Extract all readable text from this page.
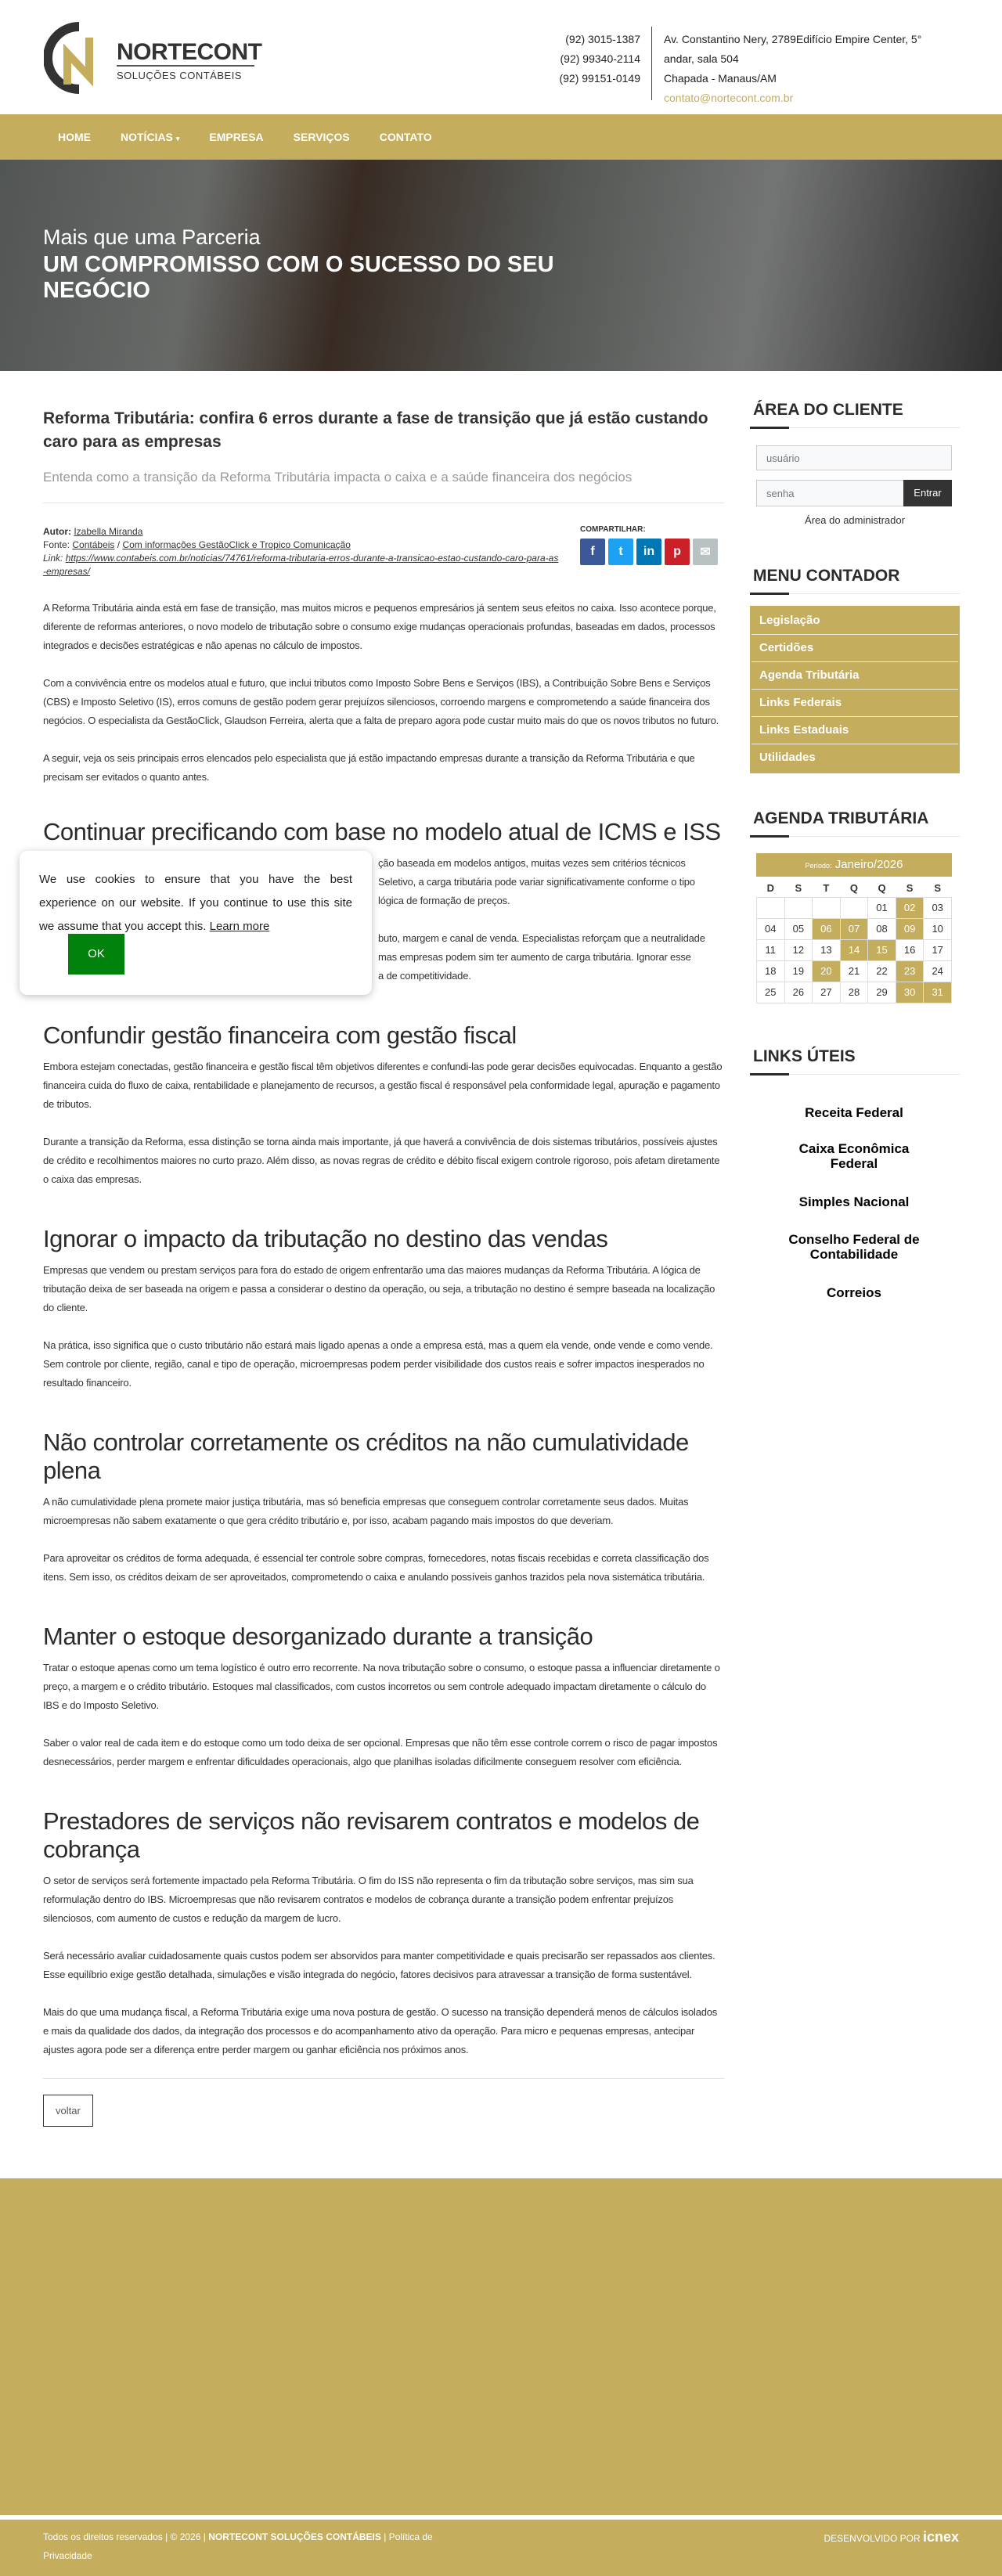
NORTECONT
SOLUÇÕES CONTÁBEIS
(92) 3015-1387
(92) 99340-2114
(92) 99151-0149
Av. Constantino Nery, 2789Edifício Empire Center, 5° andar, sala 504
Chapada - Manaus/AM
contato@nortecont.com.br
HOME	NOTÍCIAS ▾	EMPRESA	SERVIÇOS	CONTATO
Mais que uma Parceria
UM COMPROMISSO COM O SUCESSO DO SEU NEGÓCIO
Reforma Tributária: confira 6 erros durante a fase de transição que já estão custando caro para as empresas
Entenda como a transição da Reforma Tributária impacta o caixa e a saúde financeira dos negócios
Autor: Izabella Miranda
Fonte: Contábeis / Com informações GestãoClick e Tropico Comunicação
Link: https://www.contabeis.com.br/noticias/74761/reforma-tributaria-erros-durante-a-transicao-estao-custando-caro-para-as-empresas/
COMPARTILHAR:
f	t	in	p	✉

A Reforma Tributária ainda está em fase de transição, mas muitos micros e pequenos empresários já sentem seus efeitos no caixa. Isso acontece porque, diferente de reformas anteriores, o novo modelo de tributação sobre o consumo exige mudanças operacionais profundas, baseadas em dados, processos integrados e decisões estratégicas e não apenas no cálculo de impostos.

Com a convivência entre os modelos atual e futuro, que inclui tributos como Imposto Sobre Bens e Serviços (IBS), a Contribuição Sobre Bens e Serviços (CBS) e Imposto Seletivo (IS), erros comuns de gestão podem gerar prejuízos silenciosos, corroendo margens e comprometendo a saúde financeira dos negócios. O especialista da GestãoClick, Glaudson Ferreira, alerta que a falta de preparo agora pode custar muito mais do que os novos tributos no futuro.

A seguir, veja os seis principais erros elencados pelo especialista que já estão impactando empresas durante a transição da Reforma Tributária e que precisam ser evitados o quanto antes.

Continuar precificando com base no modelo atual de ICMS e ISS

We use cookies to ensure that you have the best experience on our website. If you continue to use this site we assume that you accept this. Learn more

OK
ção baseada em modelos antigos, muitas vezes sem critérios técnicos
Seletivo, a carga tributária pode variar significativamente conforme o tipo
lógica de formação de preços.
buto, margem e canal de venda. Especialistas reforçam que a neutralidade
mas empresas podem sim ter aumento de carga tributária. Ignorar esse
a de competitividade.
Confundir gestão financeira com gestão fiscal

Embora estejam conectadas, gestão financeira e gestão fiscal têm objetivos diferentes e confundi-las pode gerar decisões equivocadas. Enquanto a gestão financeira cuida do fluxo de caixa, rentabilidade e planejamento de recursos, a gestão fiscal é responsável pela conformidade legal, apuração e pagamento de tributos.

Durante a transição da Reforma, essa distinção se torna ainda mais importante, já que haverá a convivência de dois sistemas tributários, possíveis ajustes de crédito e recolhimentos maiores no curto prazo. Além disso, as novas regras de crédito e débito fiscal exigem controle rigoroso, pois afetam diretamente o caixa das empresas.

Ignorar o impacto da tributação no destino das vendas

Empresas que vendem ou prestam serviços para fora do estado de origem enfrentarão uma das maiores mudanças da Reforma Tributária. A lógica de tributação deixa de ser baseada na origem e passa a considerar o destino da operação, ou seja, a tributação no destino é sempre baseada na localização do cliente.

Na prática, isso significa que o custo tributário não estará mais ligado apenas a onde a empresa está, mas a quem ela vende, onde vende e como vende. Sem controle por cliente, região, canal e tipo de operação, microempresas podem perder visibilidade dos custos reais e sofrer impactos inesperados no resultado financeiro.

Não controlar corretamente os créditos na não cumulatividade plena

A não cumulatividade plena promete maior justiça tributária, mas só beneficia empresas que conseguem controlar corretamente seus dados. Muitas microempresas não sabem exatamente o que gera crédito tributário e, por isso, acabam pagando mais impostos do que deveriam.

Para aproveitar os créditos de forma adequada, é essencial ter controle sobre compras, fornecedores, notas fiscais recebidas e correta classificação dos itens. Sem isso, os créditos deixam de ser aproveitados, comprometendo o caixa e anulando possíveis ganhos trazidos pela nova sistemática tributária.

Manter o estoque desorganizado durante a transição

Tratar o estoque apenas como um tema logístico é outro erro recorrente. Na nova tributação sobre o consumo, o estoque passa a influenciar diretamente o preço, a margem e o crédito tributário. Estoques mal classificados, com custos incorretos ou sem controle adequado impactam diretamente o cálculo do IBS e do Imposto Seletivo.

Saber o valor real de cada item e do estoque como um todo deixa de ser opcional. Empresas que não têm esse controle correm o risco de pagar impostos desnecessários, perder margem e enfrentar dificuldades operacionais, algo que planilhas isoladas dificilmente conseguem resolver com eficiência.

Prestadores de serviços não revisarem contratos e modelos de cobrança

O setor de serviços será fortemente impactado pela Reforma Tributária. O fim do ISS não representa o fim da tributação sobre serviços, mas sim sua reformulação dentro do IBS. Microempresas que não revisarem contratos e modelos de cobrança durante a transição podem enfrentar prejuízos silenciosos, com aumento de custos e redução da margem de lucro.

Será necessário avaliar cuidadosamente quais custos podem ser absorvidos para manter competitividade e quais precisarão ser repassados aos clientes. Esse equilíbrio exige gestão detalhada, simulações e visão integrada do negócio, fatores decisivos para atravessar a transição de forma sustentável.

Mais do que uma mudança fiscal, a Reforma Tributária exige uma nova postura de gestão. O sucesso na transição dependerá menos de cálculos isolados e mais da qualidade dos dados, da integração dos processos e do acompanhamento ativo da operação. Para micro e pequenas empresas, antecipar ajustes agora pode ser a diferença entre perder margem ou ganhar eficiência nos próximos anos.

voltar
ÁREA DO CLIENTE
usuário
Entrar
Área do administrador
MENU CONTADOR
Legislação
Certidões
Agenda Tributária
Links Federais
Links Estaduais
Utilidades
AGENDA TRIBUTÁRIA
Período: Janeiro/2026
D	S	T	Q	Q	S	S
				01	02	03
04	05	06	07	08	09	10
11	12	13	14	15	16	17
18	19	20	21	22	23	24
25	26	27	28	29	30	31
LINKS ÚTEIS
Receita Federal
Caixa Econômica Federal
Simples Nacional
Conselho Federal de Contabilidade
Correios
Todos os direitos reservados | © 2026 | NORTECONT SOLUÇÕES CONTÁBEIS | Política de Privacidade
DESENVOLVIDO POR icnex
